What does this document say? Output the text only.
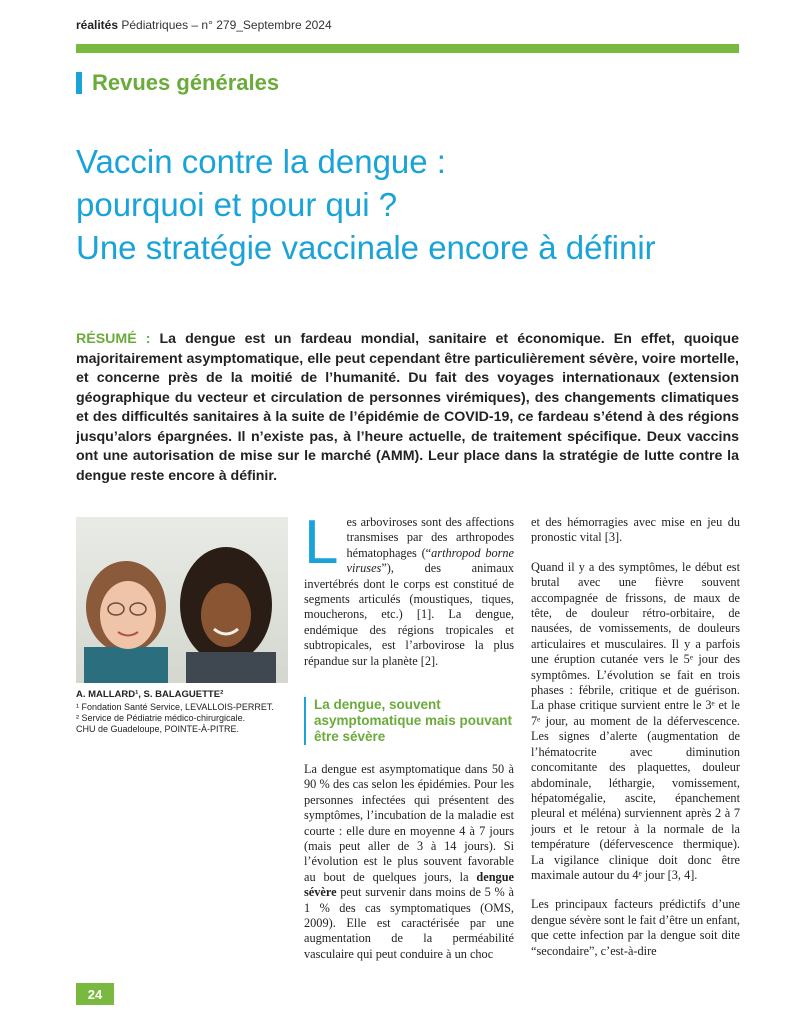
réalités Pédiatriques – n° 279_Septembre 2024
Revues générales
Vaccin contre la dengue :
pourquoi et pour qui ?
Une stratégie vaccinale encore à définir
RÉSUMÉ : La dengue est un fardeau mondial, sanitaire et économique. En effet, quoique majoritairement asymptomatique, elle peut cependant être particulièrement sévère, voire mortelle, et concerne près de la moitié de l’humanité. Du fait des voyages internationaux (extension géographique du vecteur et circulation de personnes virémiques), des changements climatiques et des difficultés sanitaires à la suite de l’épidémie de COVID-19, ce fardeau s’étend à des régions jusqu’alors épargnées. Il n’existe pas, à l’heure actuelle, de traitement spécifique. Deux vaccins ont une autorisation de mise sur le marché (AMM). Leur place dans la stratégie de lutte contre la dengue reste encore à définir.
A. MALLARD¹, S. BALAGUETTE²
¹ Fondation Santé Service, LEVALLOIS-PERRET.
² Service de Pédiatrie médico-chirurgicale.
CHU de Guadeloupe, POINTE-À-PITRE.

Les arboviroses sont des affections transmises par des arthropodes hématophages (“arthropod borne viruses”), des animaux invertébrés dont le corps est constitué de segments articulés (moustiques, tiques, moucherons, etc.) [1]. La dengue, endémique des régions tropicales et subtropicales, est l’arbovirose la plus répandue sur la planète [2].

La dengue, souvent asymptomatique mais pouvant être sévère

La dengue est asymptomatique dans 50 à 90 % des cas selon les épidémies. Pour les personnes infectées qui présentent des symptômes, l’incubation de la maladie est courte : elle dure en moyenne 4 à 7 jours (mais peut aller de 3 à 14 jours). Si l’évolution est le plus souvent favorable au bout de quelques jours, la dengue sévère peut survenir dans moins de 5 % à 1 % des cas symptomatiques (OMS, 2009). Elle est caractérisée par une augmentation de la perméabilité vasculaire qui peut conduire à un choc

et des hémorragies avec mise en jeu du pronostic vital [3].

Quand il y a des symptômes, le début est brutal avec une fièvre souvent accompagnée de frissons, de maux de tête, de douleur rétro-orbitaire, de nausées, de vomissements, de douleurs articulaires et musculaires. Il y a parfois une éruption cutanée vers le 5ᵉ jour des symptômes. L’évolution se fait en trois phases : fébrile, critique et de guérison. La phase critique survient entre le 3ᵉ et le 7ᵉ jour, au moment de la défervescence. Les signes d’alerte (augmentation de l’hématocrite avec diminution concomitante des plaquettes, douleur abdominale, léthargie, vomissement, hépatomégalie, ascite, épanchement pleural et méléna) surviennent après 2 à 7 jours et le retour à la normale de la température (défervescence thermique). La vigilance clinique doit donc être maximale autour du 4ᵉ jour [3, 4].

Les principaux facteurs prédictifs d’une dengue sévère sont le fait d’être un enfant, que cette infection par la dengue soit dite “secondaire”, c’est-à-dire

24
